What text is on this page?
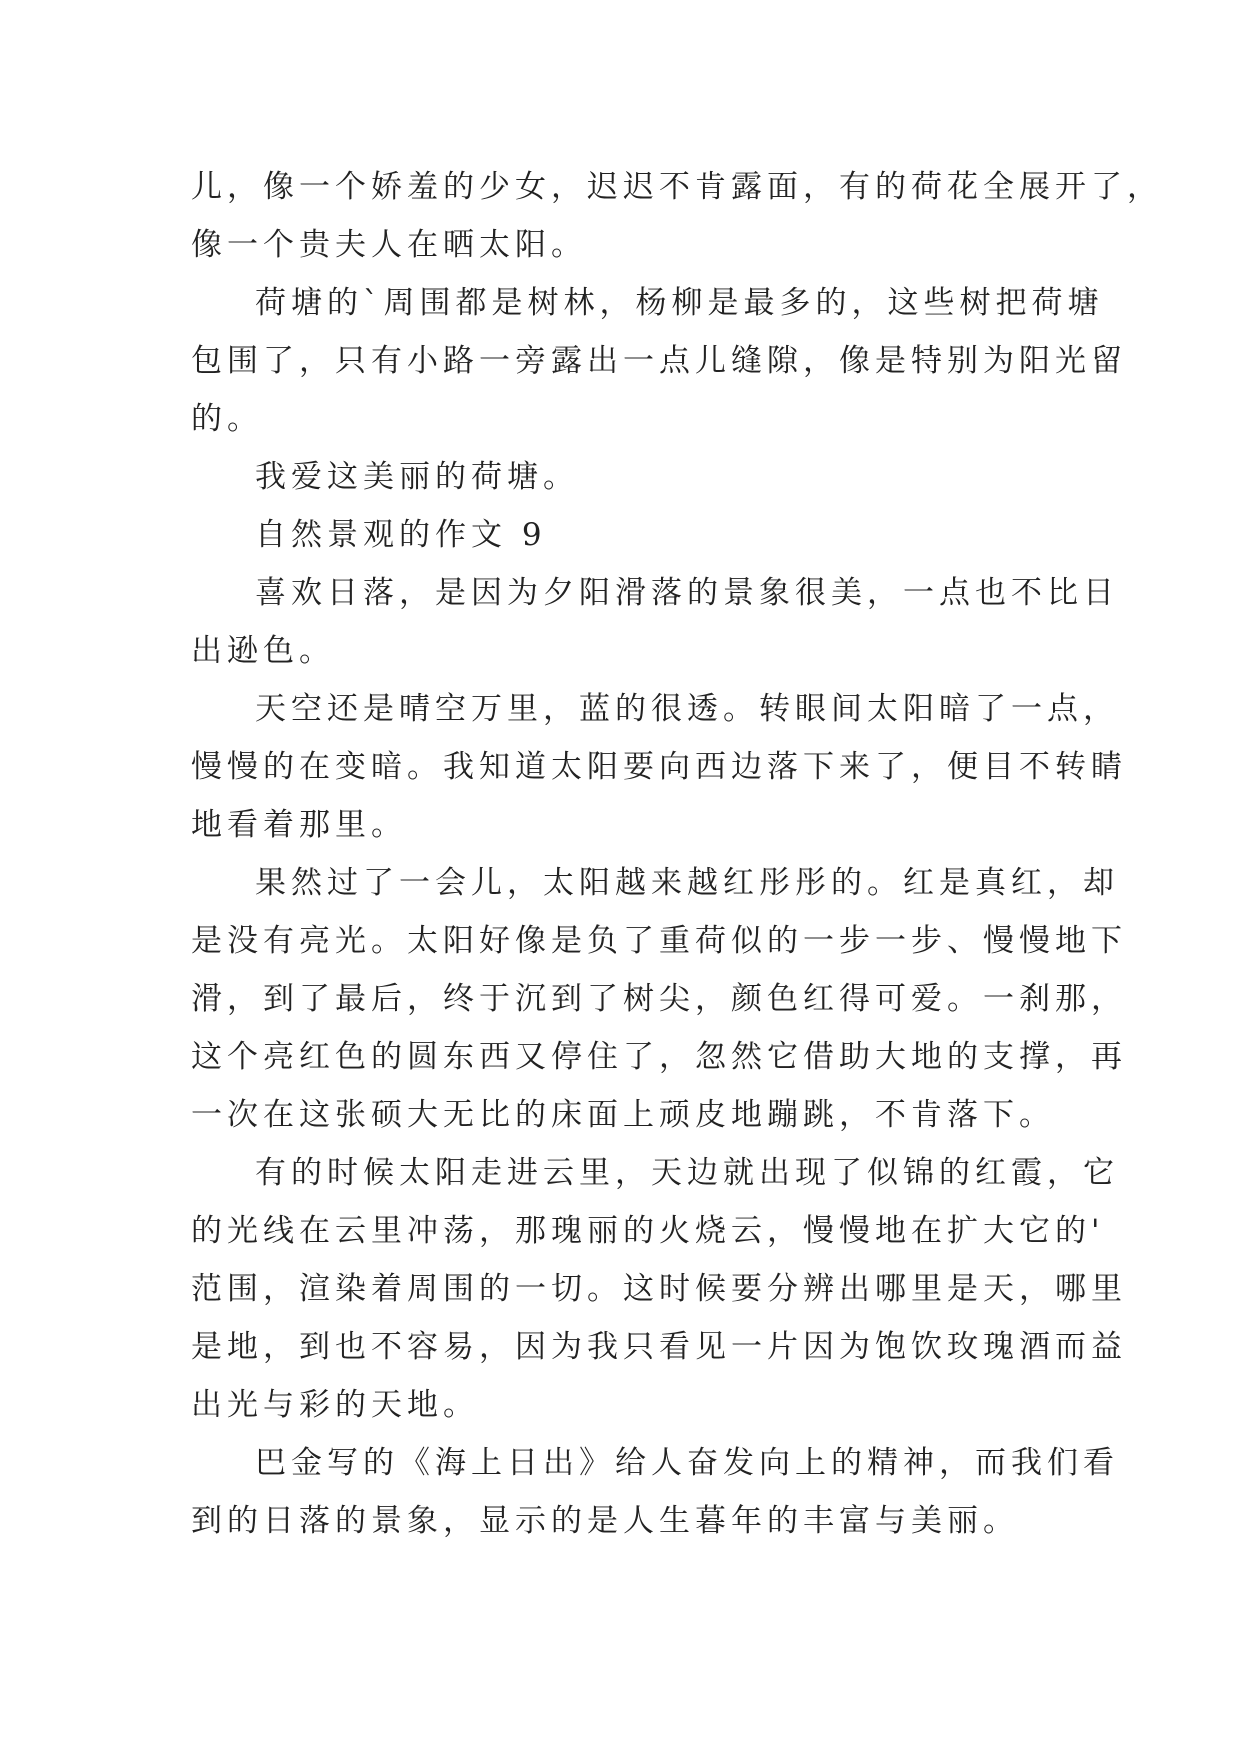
儿，像一个娇羞的少女，迟迟不肯露面，有的荷花全展开了，
像一个贵夫人在晒太阳。
荷塘的`周围都是树林，杨柳是最多的，这些树把荷塘
包围了，只有小路一旁露出一点儿缝隙，像是特别为阳光留
的。
我爱这美丽的荷塘。
自然景观的作文 9
喜欢日落，是因为夕阳滑落的景象很美，一点也不比日
出逊色。
天空还是晴空万里，蓝的很透。转眼间太阳暗了一点，
慢慢的在变暗。我知道太阳要向西边落下来了，便目不转睛
地看着那里。
果然过了一会儿，太阳越来越红彤彤的。红是真红，却
是没有亮光。太阳好像是负了重荷似的一步一步、慢慢地下
滑，到了最后，终于沉到了树尖，颜色红得可爱。一刹那，
这个亮红色的圆东西又停住了，忽然它借助大地的支撑，再
一次在这张硕大无比的床面上顽皮地蹦跳，不肯落下。
有的时候太阳走进云里，天边就出现了似锦的红霞，它
的光线在云里冲荡，那瑰丽的火烧云，慢慢地在扩大它的'
范围，渲染着周围的一切。这时候要分辨出哪里是天，哪里
是地，到也不容易，因为我只看见一片因为饱饮玫瑰酒而益
出光与彩的天地。
巴金写的《海上日出》给人奋发向上的精神，而我们看
到的日落的景象，显示的是人生暮年的丰富与美丽。
